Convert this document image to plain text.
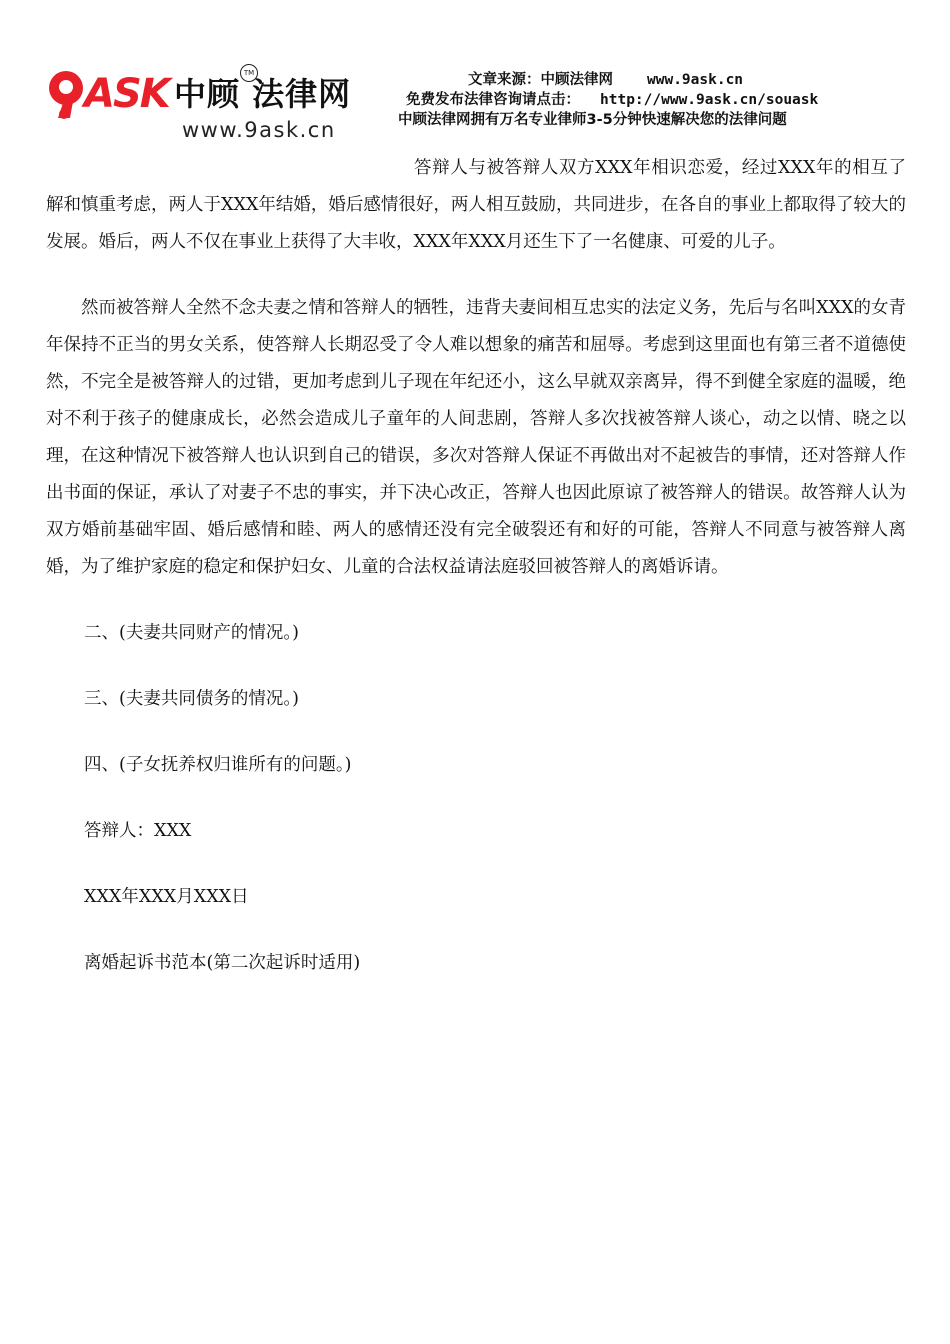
ASK 中顾 法律网
TM
www.9ask.cn
文章来源：中顾法律网 www.9ask.cn
免费发布法律咨询请点击： http://www.9ask.cn/souask
中顾法律网拥有万名专业律师3-5分钟快速解决您的法律问题

答辩人与被答辩人双方XXX年相识恋爱，经过XXX年的相互了解和慎重考虑，两人于XXX年结婚，婚后感情很好，两人相互鼓励，共同进步，在各自的事业上都取得了较大的发展。婚后，两人不仅在事业上获得了大丰收，XXX年XXX月还生下了一名健康、可爱的儿子。

然而被答辩人全然不念夫妻之情和答辩人的牺牲，违背夫妻间相互忠实的法定义务，先后与名叫XXX的女青年保持不正当的男女关系，使答辩人长期忍受了令人难以想象的痛苦和屈辱。考虑到这里面也有第三者不道德使然，不完全是被答辩人的过错，更加考虑到儿子现在年纪还小，这么早就双亲离异，得不到健全家庭的温暖，绝对不利于孩子的健康成长，必然会造成儿子童年的人间悲剧，答辩人多次找被答辩人谈心，动之以情、晓之以理，在这种情况下被答辩人也认识到自己的错误，多次对答辩人保证不再做出对不起被告的事情，还对答辩人作出书面的保证，承认了对妻子不忠的事实，并下决心改正，答辩人也因此原谅了被答辩人的错误。故答辩人认为双方婚前基础牢固、婚后感情和睦、两人的感情还没有完全破裂还有和好的可能，答辩人不同意与被答辩人离婚，为了维护家庭的稳定和保护妇女、儿童的合法权益请法庭驳回被答辩人的离婚诉请。

二、(夫妻共同财产的情况。)

三、(夫妻共同债务的情况。)

四、(子女抚养权归谁所有的问题。)

答辩人：XXX

XXX年XXX月XXX日

离婚起诉书范本(第二次起诉时适用)
